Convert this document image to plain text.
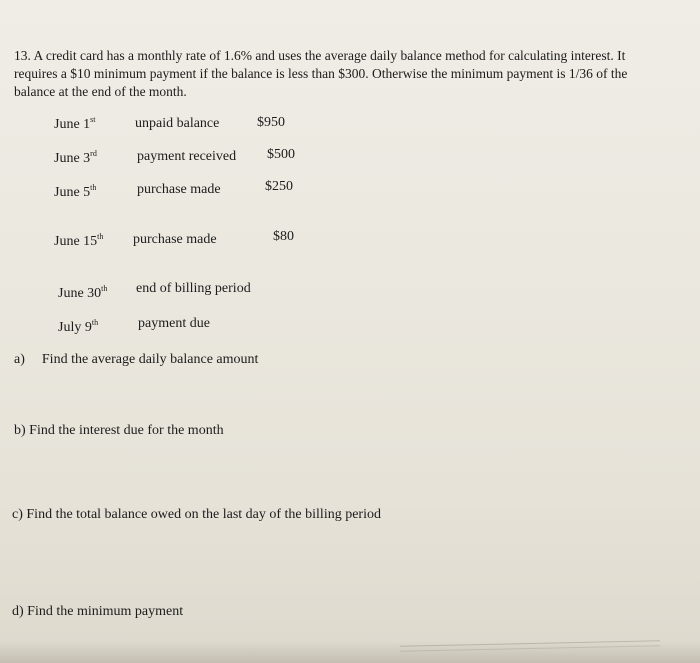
13. A credit card has a monthly rate of 1.6% and uses the average daily balance method for calculating interest. It
requires a $10 minimum payment if the balance is less than $300. Otherwise the minimum payment is 1/36 of the
balance at the end of the month.
June 1st	unpaid balance	$950
June 3rd	payment received $500
June 5th	purchase made	$250
June 15th purchase made	$80
June 30th end of billing period
July 9th	payment due
a) Find the average daily balance amount
b) Find the interest due for the month
c) Find the total balance owed on the last day of the billing period
d) Find the minimum payment
